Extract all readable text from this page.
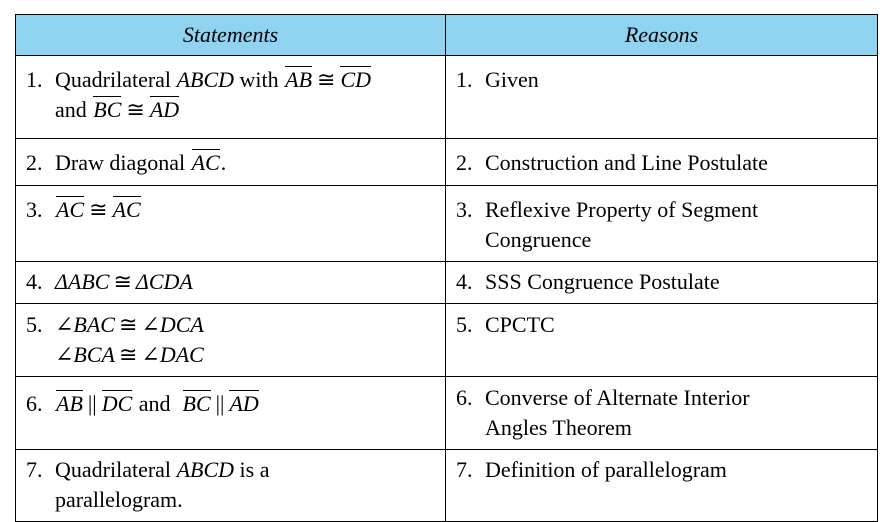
Statements	Reasons

1. Quadrilateral ABCD with AB ≅ CD
and BC ≅ AD	1. Given

2. Draw diagonal AC.	2. Construction and Line Postulate

3. AC ≅ AC	3. Reflexive Property of Segment
Congruence

4. ΔABC ≅ ΔCDA	4. SSS Congruence Postulate

5. ∠BAC ≅ ∠DCA
∠BCA ≅ ∠DAC	5. CPCTC

6. AB || DC and  BC || AD	6. Converse of Alternate Interior
Angles Theorem

7. Quadrilateral ABCD is a
parallelogram.	7. Definition of parallelogram
